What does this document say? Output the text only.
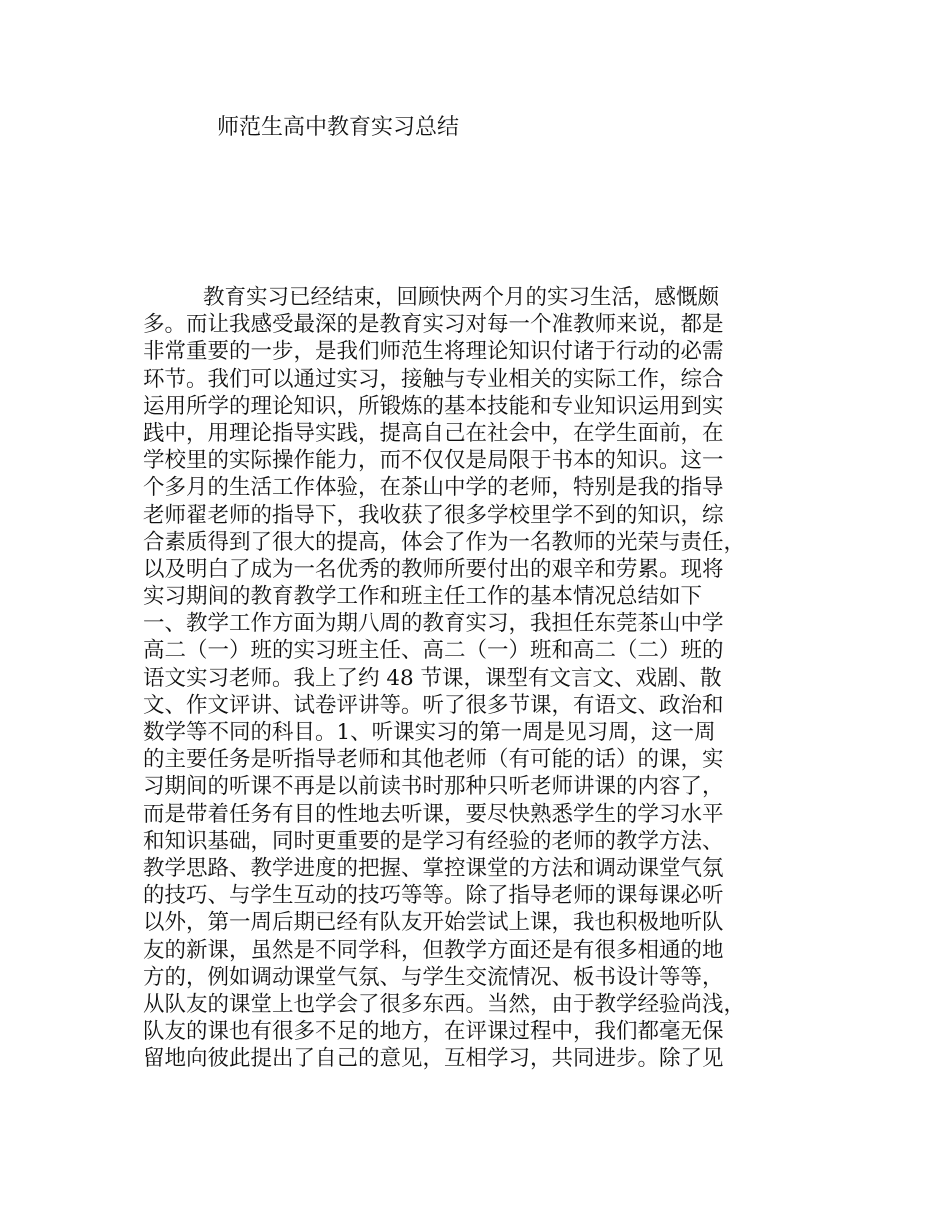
师范生高中教育实习总结

教育实习已经结束，回顾快两个月的实习生活，感慨颇

多。而让我感受最深的是教育实习对每一个准教师来说，都是

非常重要的一步，是我们师范生将理论知识付诸于行动的必需

环节。我们可以通过实习，接触与专业相关的实际工作，综合

运用所学的理论知识，所锻炼的基本技能和专业知识运用到实

践中，用理论指导实践，提高自己在社会中，在学生面前，在

学校里的实际操作能力，而不仅仅是局限于书本的知识。这一

个多月的生活工作体验，在茶山中学的老师，特别是我的指导

老师翟老师的指导下，我收获了很多学校里学不到的知识，综

合素质得到了很大的提高，体会了作为一名教师的光荣与责任，

以及明白了成为一名优秀的教师所要付出的艰辛和劳累。现将

实习期间的教育教学工作和班主任工作的基本情况总结如下

一、教学工作方面为期八周的教育实习，我担任东莞茶山中学

高二（一）班的实习班主任、高二（一）班和高二（二）班的

语文实习老师。我上了约 48 节课，课型有文言文、戏剧、散

文、作文评讲、试卷评讲等。听了很多节课，有语文、政治和

数学等不同的科目。1、听课实习的第一周是见习周，这一周

的主要任务是听指导老师和其他老师（有可能的话）的课，实

习期间的听课不再是以前读书时那种只听老师讲课的内容了，

而是带着任务有目的性地去听课，要尽快熟悉学生的学习水平

和知识基础，同时更重要的是学习有经验的老师的教学方法、

教学思路、教学进度的把握、掌控课堂的方法和调动课堂气氛

的技巧、与学生互动的技巧等等。除了指导老师的课每课必听

以外，第一周后期已经有队友开始尝试上课，我也积极地听队

友的新课，虽然是不同学科，但教学方面还是有很多相通的地

方的，例如调动课堂气氛、与学生交流情况、板书设计等等，

从队友的课堂上也学会了很多东西。当然，由于教学经验尚浅，

队友的课也有很多不足的地方，在评课过程中，我们都毫无保

留地向彼此提出了自己的意见，互相学习，共同进步。除了见
